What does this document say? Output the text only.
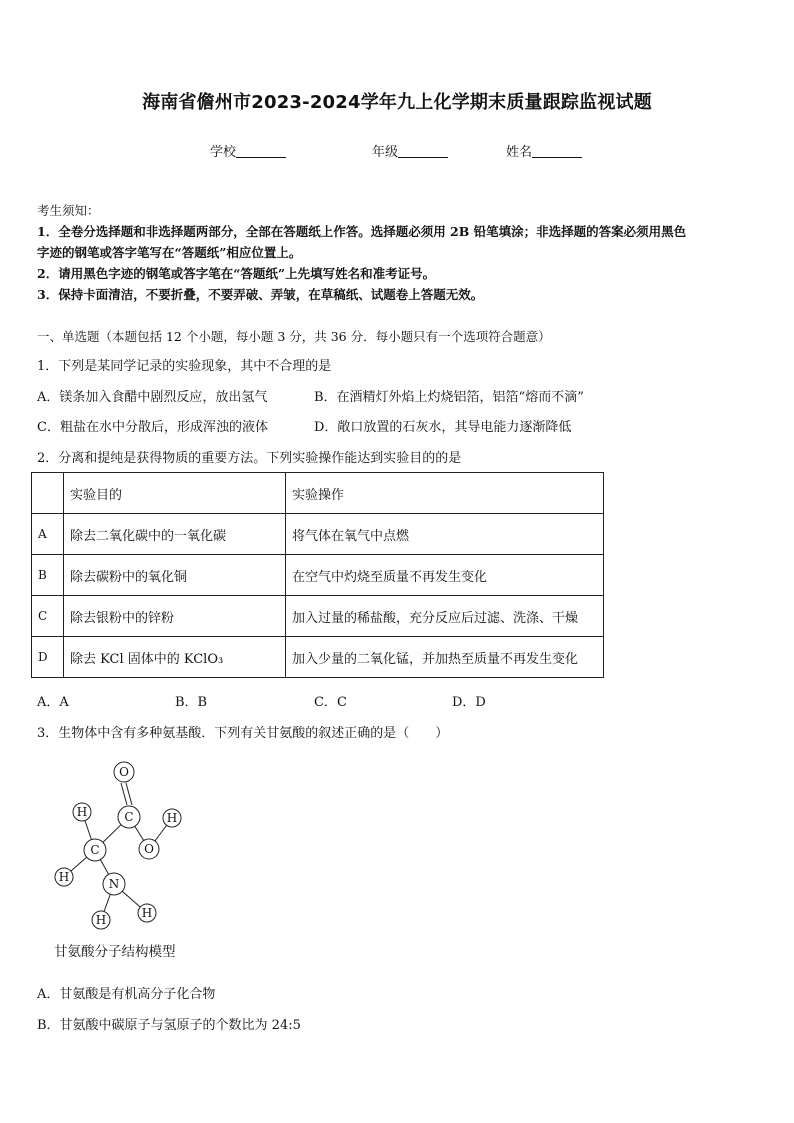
海南省儋州市2023-2024学年九上化学期末质量跟踪监视试题
学校	年级	姓名
考生须知：
1．全卷分选择题和非选择题两部分，全部在答题纸上作答。选择题必须用 2B 铅笔填涂；非选择题的答案必须用黑色
字迹的钢笔或答字笔写在“答题纸”相应位置上。
2．请用黑色字迹的钢笔或答字笔在“答题纸”上先填写姓名和准考证号。
3．保持卡面清洁，不要折叠，不要弄破、弄皱，在草稿纸、试题卷上答题无效。
一、单选题（本题包括 12 个小题，每小题 3 分，共 36 分．每小题只有一个选项符合题意）
1．下列是某同学记录的实验现象，其中不合理的是
A．镁条加入食醋中剧烈反应，放出氢气	B．在酒精灯外焰上灼烧铝箔，铝箔“熔而不滴”
C．粗盐在水中分散后，形成浑浊的液体	D．敞口放置的石灰水，其导电能力逐渐降低
2．分离和提纯是获得物质的重要方法。下列实验操作能达到实验目的的是
	实验目的	实验操作
A	除去二氧化碳中的一氧化碳	将气体在氧气中点燃
B	除去碳粉中的氧化铜	在空气中灼烧至质量不再发生变化
C	除去银粉中的锌粉	加入过量的稀盐酸，充分反应后过滤、洗涤、干燥
D	除去 KCl 固体中的 KClO₃	加入少量的二氧化锰，并加热至质量不再发生变化
A．A	B．B	C．C	D．D
3．生物体中含有多种氨基酸．下列有关甘氨酸的叙述正确的是（　　）
O
C
H	H
O
C
H	N
H	H
甘氨酸分子结构模型
A．甘氨酸是有机高分子化合物
B．甘氨酸中碳原子与氢原子的个数比为 24:5
